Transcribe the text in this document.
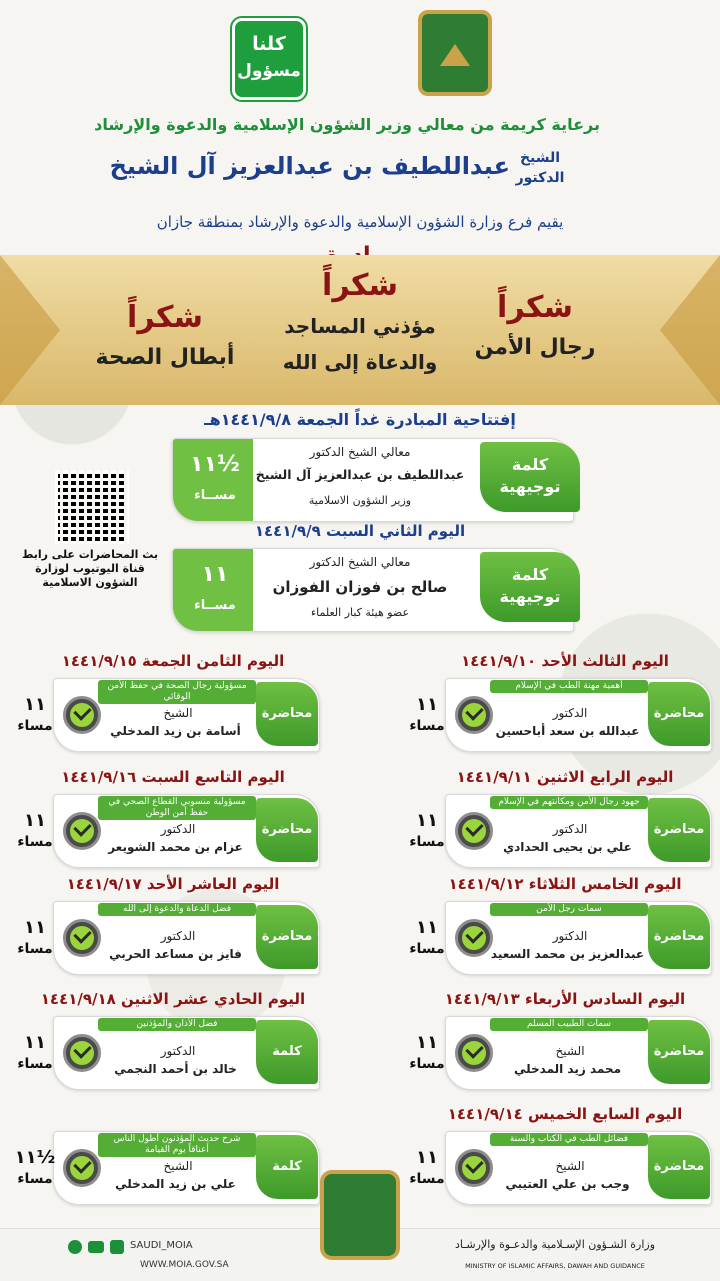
كلنا
مسؤول
برعاية كريمة من معالي وزير الشؤون الإسلامية والدعوة والإرشاد
الشيخ
الدكتور
عبداللطيف بن عبدالعزيز آل الشيخ
يقيم فرع وزارة الشؤون الإسلامية والدعوة والإرشاد بمنطقة جازان
شكراً
رجال الأمن
شكراً
مؤذني المساجد
والدعاة إلى الله
شكراً
أبطال الصحة
إفتتاحية المبادرة غداً الجمعة ١٤٤١/٩/٨هـ
كلمة توجيهية
معالي الشيخ الدكتور
عبداللطيف بن عبدالعزيز آل الشيخ
وزير الشؤون الاسلامية
١١½
مســاء
اليوم الثاني السبت ١٤٤١/٩/٩
كلمة توجيهية
معالي الشيخ الدكتور
صالح بن فوزان الفوزان
عضو هيئة كبار العلماء
١١
مســاء
بث المحاضرات على رابط قناة اليوتيوب لوزارة الشؤون الاسلامية
اليوم الثالث الأحد ١٤٤١/٩/١٠
محاضرة
أهمية مهنة الطب في الإسلام
الدكتور
عبدالله بن سعد أباحسين
١١
مساء
اليوم الرابع الاثنين ١٤٤١/٩/١١
محاضرة
جهود رجال الأمن ومكانتهم في الإسلام
الدكتور
علي بن يحيى الحدادي
١١
مساء
اليوم الخامس الثلاثاء ١٤٤١/٩/١٢
محاضرة
سمات رجل الأمن
الدكتور
عبدالعزيز بن محمد السعيد
١١
مساء
اليوم السادس الأربعاء ١٤٤١/٩/١٣
محاضرة
سمات الطبيب المسلم
الشيخ
محمد زيد المدخلي
١١
مساء
اليوم السابع الخميس ١٤٤١/٩/١٤
محاضرة
فضائل الطب في الكتاب والسنة
الشيخ
وجب بن علي العتيبي
١١
مساء
اليوم الثامن الجمعة ١٤٤١/٩/١٥
محاضرة
مسؤولية رجال الصحة في حفظ الأمن الوقائي
الشيخ
أسامة بن زيد المدخلي
١١
مساء
اليوم التاسع السبت ١٤٤١/٩/١٦
محاضرة
مسؤولية منسوبي القطاع الصحي في حفظ أمن الوطن
الدكتور
عزام بن محمد الشويعر
١١
مساء
اليوم العاشر الأحد ١٤٤١/٩/١٧
محاضرة
فضل الدعاة والدعوة إلى الله
الدكتور
فايز بن مساعد الحربي
١١
مساء
اليوم الحادي عشر الاثنين ١٤٤١/٩/١٨
كلمة
فضل الأذان والمؤذنين
الدكتور
خالد بن أحمد النجمي
١١
مساء
كلمة
شرح حديث المؤذنون أطول الناس أعناقاً يوم القيامة
الشيخ
علي بن زيد المدخلي
١١½
مساء
SAUDI_MOIA
WWW.MOIA.GOV.SA
وزارة الشـؤون الإسـلامية والدعـوة والإرشـاد
MINISTRY OF ISLAMIC AFFAIRS, DAWAH AND GUIDANCE
